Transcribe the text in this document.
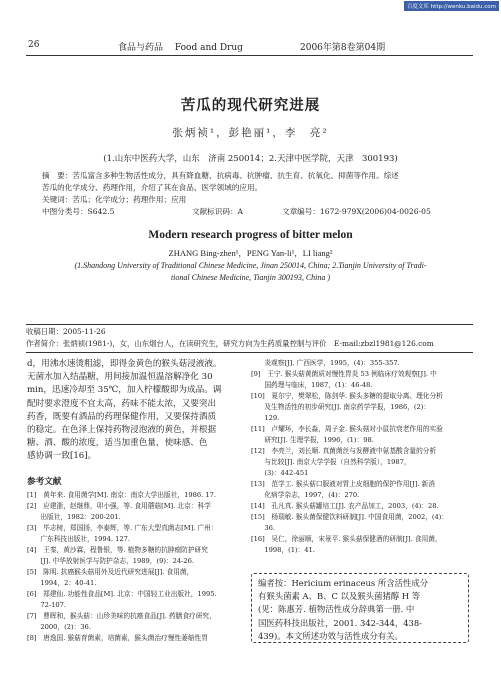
百度文库 http://wenku.baidu.com
26	食品与药品　 Food and Drug	2006年第8卷第04期
苦瓜的现代研究进展
张炳祯¹，彭艳丽¹，李　亮²
(1.山东中医药大学，山东　济南 250014；2.天津中医学院，天津　300193)
摘　要：苦瓜富含多种生物活性成分，具有降血糖、抗病毒、抗肿瘤、抗生育、抗氧化、抑菌等作用。综述
苦瓜的化学成分、药理作用，介绍了其在食品、医学领域的应用。
关键词：苦瓜；化学成分；药理作用；应用
中图分类号：S642.5	文献标识码：A	文章编号：1672-979X(2006)04-0026-05
Modern research progress of bitter melon
ZHANG Bing-zhen¹，PENG Yan-li¹，LI liang²
(1.Shandong University of Traditional Chinese Medicine, Jinan 250014, China; 2.Tianjin University of Tradi-
tional Chinese Medicine, Tianjin 300193, China )
收稿日期：2005-11-26
作者简介：张炳祯(1981-)，女，山东烟台人，在读研究生，研究方向为生药质量控制与评价　E-mail:zbzl1981@126.com
d，用沸水速烫粗滤，即得金黄色的猴头菇浸液液。
无菌水加入结晶糖，用间接加温恒温溶解净化 30
min，迅速冷却至 35℃，加入柠檬酸即为成品。调
配时要求澄度不宜太高，药味不能太浓，又要突出
药香，既要有酒品的药理保健作用，又要保持酒质
的稳定。在色泽上保持药物浸泡液的黄色，并根据
糖、酒、酸的浓度，适当加重色量，使味感、色
感协调一致[16]。
参考文献
[1]　黄年来. 食用菌学[M]. 南京：南京大学出版社，1986. 17.
[2]　应建浙，赵继鼎，卯小强，等. 食用蘑菇[M]. 北京：科学
　　出版社，1982：200-201.
[3]　毕志树，郑国扬，李泰辉，等. 广东大型真菌志[M]. 广州：
　　广东科技出版社，1994. 127.
[4]　王秦，黄沙霖，程鲁银，等. 植物多糖的抗肿瘤防护研究
　　[J]. 中华放射医学与防护杂志，1989，(9)：24-26.
[5]　陈明. 抗癌猴头菇用外及近代研究进展[J]. 食用菌，
　　1994，2：40-41.
[6]　郑建仙. 功能性食品[M]. 北京：中国轻工业出版社，1995.
　　72-107.
[7]　曹晖和，猴头菇：山珍美味的抗癌食品[J]. 药膳食疗研究，
　　2000，(2)：36.
[8]　唐逸国. 猴菇育菌素，培菌素，猴头菌治疗慢性萎缩性胃
　　炎观察[J]. 广西医学，1995，(4)：355-357.
[9]　王宁. 猴头菇黄菌质对慢性胃炎 53 例临床疗效观察[J]. 中
　　国药理与临床，1987，(1)：46-48.
[10]　夏尔宁，樊翠松，陈剑华. 猴头多糖的提取分离、理化分析
　　及生物活性的初步研究[J]. 南京药学学报，1986，(2)：
　　129.
[11]　卢耀环，李长淼，周子金. 猴头菇对小鼠抗衰老作用的实验
　　研究[J]. 生理学报，1996，(1)：98.
[12]　李亮兰，刘长顺. 真菌菌丝与发酵液中氨基酸含量的分析
　　与比较[J]. 南京大学学报（自然科学版），1987，
　　(3)：442-451
[13]　范学工. 猴头菇口服液对胃上皮细胞的保护作用[J]. 新消
　　化病学杂志，1997，(4)：270.
[14]　孔凡真. 猴头菇罐培工[J]. 农产品加工，2003，(4)：28.
[15]　杨瑞敏. 猴头菌保健饮料研制[J]. 中国食用菌，2002，(4)：
　　36.
[16]　吴仁，徐丽顺，宋景平. 猴头菇保健酒的研制[J]. 食用菌，
　　1998，(1)：41.
编者按：Hericium erinaceus 所含活性成分
有猴头菌素 A、B、C 以及猴头菌猪醇 H 等
(见：陈惠芳. 植物活性成分辞典第一册. 中
国医药科技出版社，2001. 342-344，438-
439)。本文所述功效与活性成分有关。
